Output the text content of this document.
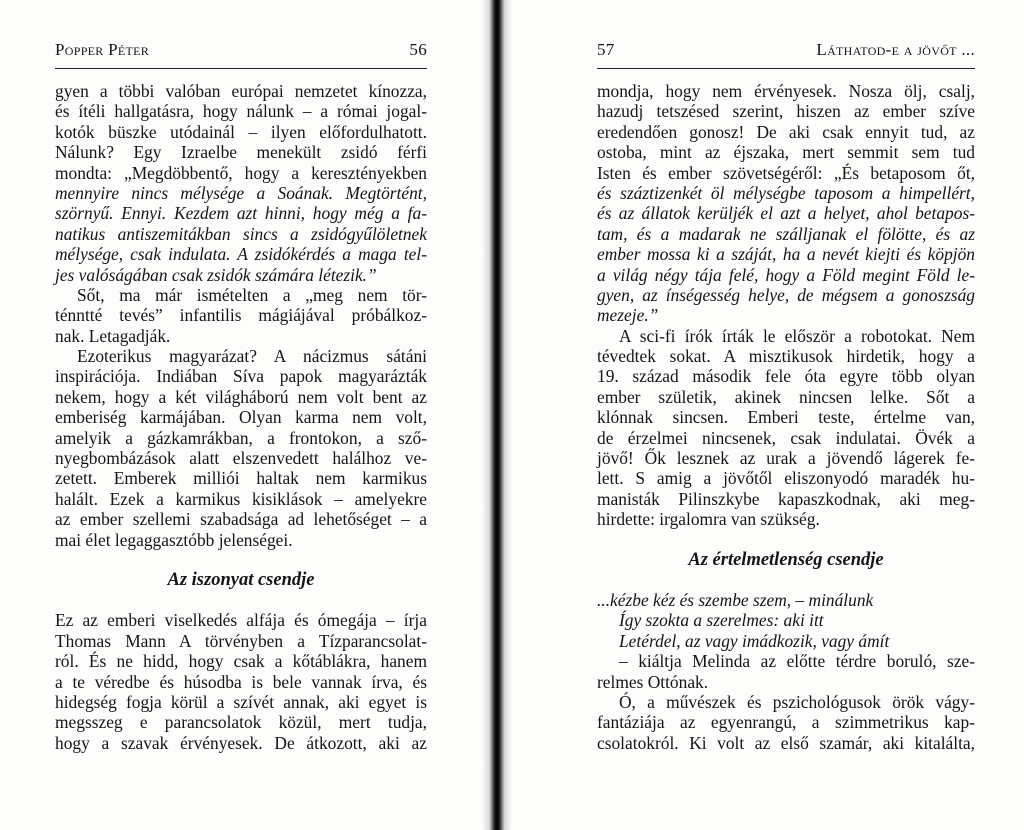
Popper Péter	56
gyen a többi valóban európai nemzetet kínozza,
és ítéli hallgatásra, hogy nálunk – a római jogal-
kotók büszke utódainál – ilyen előfordulhatott.
Nálunk? Egy Izraelbe menekült zsidó férfi
mondta: „Megdöbbentő, hogy a keresztényekben
mennyire nincs mélysége a Soának. Megtörtént,
szörnyű. Ennyi. Kezdem azt hinni, hogy még a fa-
natikus antiszemitákban sincs a zsidógyűlöletnek
mélysége, csak indulata. A zsidókérdés a maga tel-
jes valóságában csak zsidók számára létezik.”
Sőt, ma már ismételten a „meg nem tör-
ténntté tevés” infantilis mágiájával próbálkoz-
nak. Letagadják.
Ezoterikus magyarázat? A nácizmus sátáni
inspirációja. Indiában Síva papok magyarázták
nekem, hogy a két világháború nem volt bent az
emberiség karmájában. Olyan karma nem volt,
amelyik a gázkamrákban, a frontokon, a sző-
nyegbombázások alatt elszenvedett halálhoz ve-
zetett. Emberek milliói haltak nem karmikus
halált. Ezek a karmikus kisiklások – amelyekre
az ember szellemi szabadsága ad lehetőséget – a
mai élet legaggasztóbb jelenségei.
Az iszonyat csendje
Ez az emberi viselkedés alfája és ómegája – írja
Thomas Mann A törvényben a Tízparancsolat-
ról. És ne hidd, hogy csak a kőtáblákra, hanem
a te véredbe és húsodba is bele vannak írva, és
hidegség fogja körül a szívét annak, aki egyet is
megsszeg e parancsolatok közül, mert tudja,
hogy a szavak érvényesek. De átkozott, aki az
57	Láthatod-e a jövőt ...
mondja, hogy nem érvényesek. Nosza ölj, csalj,
hazudj tetszésed szerint, hiszen az ember szíve
eredendően gonosz! De aki csak ennyit tud, az
ostoba, mint az éjszaka, mert semmit sem tud
Isten és ember szövetségéről: „És betaposom őt,
és száztizenkét öl mélységbe taposom a himpellért,
és az állatok kerüljék el azt a helyet, ahol betapos-
tam, és a madarak ne szálljanak el fölötte, és az
ember mossa ki a száját, ha a nevét kiejti és köpjön
a világ négy tája felé, hogy a Föld megint Föld le-
gyen, az ínségesség helye, de mégsem a gonoszság
mezeje.”
A sci-fi írók írták le először a robotokat. Nem
tévedtek sokat. A misztikusok hirdetik, hogy a
19. század második fele óta egyre több olyan
ember születik, akinek nincsen lelke. Sőt a
klónnak sincsen. Emberi teste, értelme van,
de érzelmei nincsenek, csak indulatai. Övék a
jövő! Ők lesznek az urak a jövendő lágerek fe-
lett. S amig a jövőtől eliszonyodó maradék hu-
manisták Pilinszkybe kapaszkodnak, aki meg-
hirdette: irgalomra van szükség.
Az értelmetlenség csendje
...kézbe kéz és szembe szem, – minálunk
Így szokta a szerelmes: aki itt
Letérdel, az vagy imádkozik, vagy ámít
– kiáltja Melinda az előtte térdre boruló, sze-
relmes Ottónak.
Ó, a művészek és pszichológusok örök vágy-
fantáziája az egyenrangú, a szimmetrikus kap-
csolatokról. Ki volt az első szamár, aki kitalálta,
